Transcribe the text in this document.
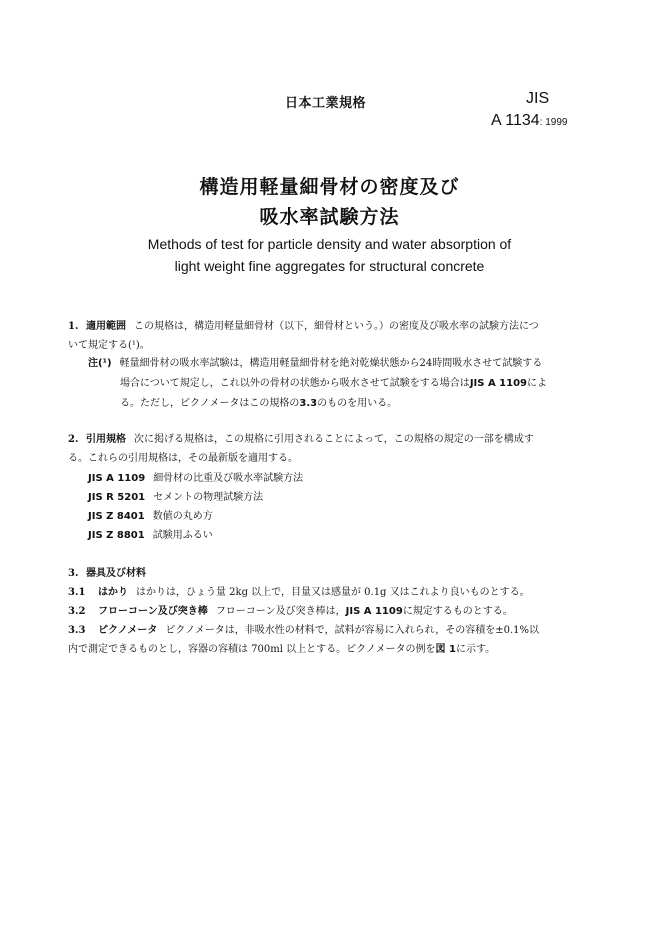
日本工業規格	JIS
A 1134: 1999
構造用軽量細骨材の密度及び
吸水率試験方法
Methods of test for particle density and water absorption of
light weight fine aggregates for structural concrete
1. 適用範囲 この規格は，構造用軽量細骨材（以下，細骨材という。）の密度及び吸水率の試験方法につ
いて規定する(¹)。
注(¹) 軽量細骨材の吸水率試験は，構造用軽量細骨材を絶対乾燥状態から24時間吸水させて試験する
場合について規定し，これ以外の骨材の状態から吸水させて試験をする場合はJIS A 1109によ
る。ただし，ピクノメータはこの規格の3.3のものを用いる。
2. 引用規格 次に掲げる規格は，この規格に引用されることによって，この規格の規定の一部を構成す
る。これらの引用規格は，その最新版を適用する。
JIS A 1109 細骨材の比重及び吸水率試験方法
JIS R 5201 セメントの物理試験方法
JIS Z 8401 数値の丸め方
JIS Z 8801 試験用ふるい
3. 器具及び材料
3.1 はかり はかりは，ひょう量 2kg 以上で，目量又は感量が 0.1g 又はこれより良いものとする。
3.2 フローコーン及び突き棒 フローコーン及び突き棒は，JIS A 1109に規定するものとする。
3.3 ピクノメータ ピクノメータは，非吸水性の材料で，試料が容易に入れられ，その容積を±0.1%以
内で測定できるものとし，容器の容積は 700ml 以上とする。ピクノメータの例を図 1に示す。
